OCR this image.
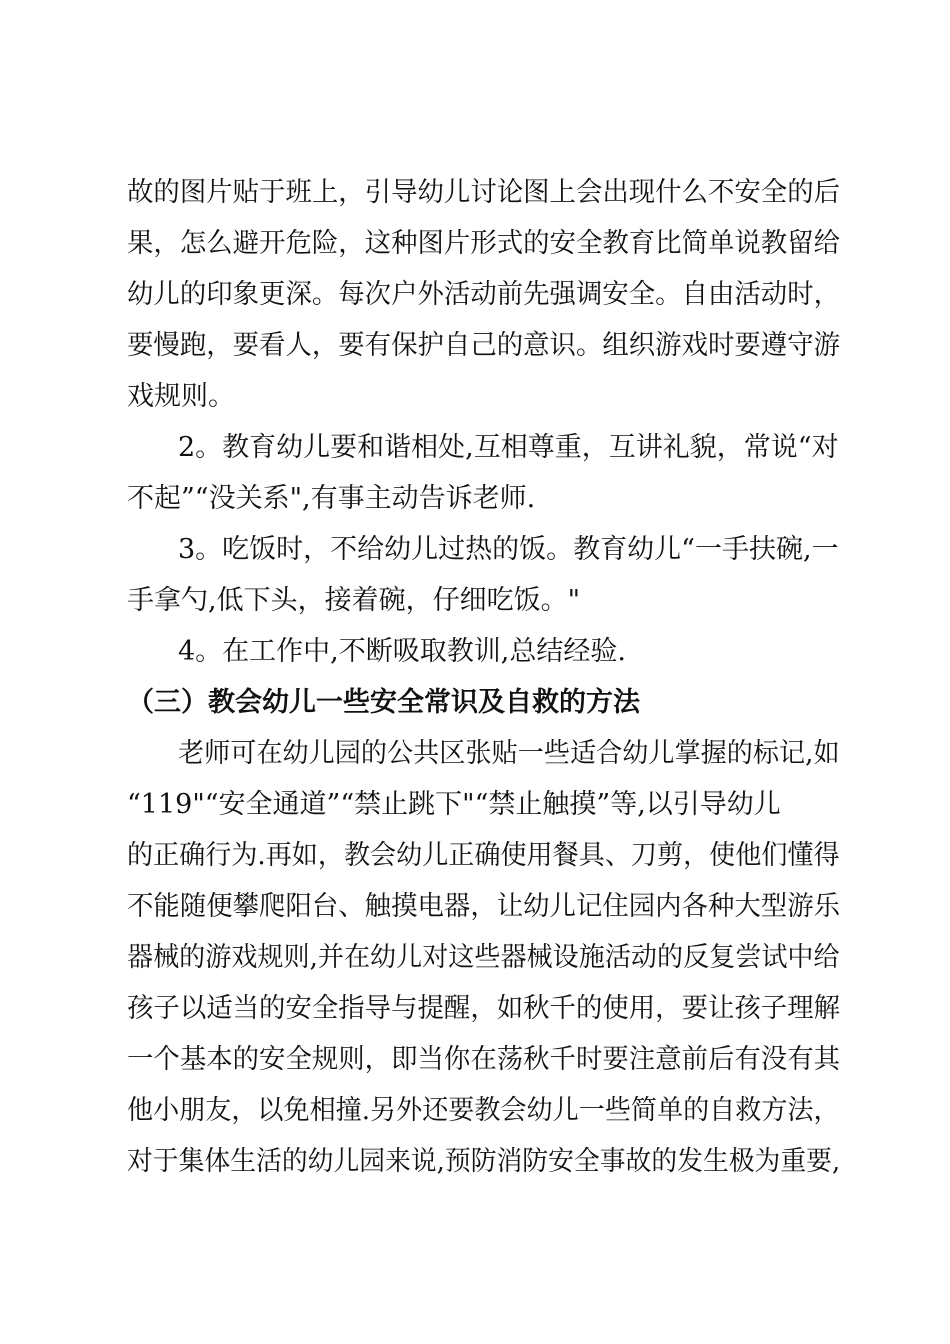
故的图片贴于班上，引导幼儿讨论图上会出现什么不安全的后
果，怎么避开危险，这种图片形式的安全教育比简单说教留给
幼儿的印象更深。每次户外活动前先强调安全。自由活动时，
要慢跑，要看人，要有保护自己的意识。组织游戏时要遵守游
戏规则。
2。教育幼儿要和谐相处,互相尊重，互讲礼貌，常说“对
不起”“没关系",有事主动告诉老师.
3。吃饭时，不给幼儿过热的饭。教育幼儿“一手扶碗,一
手拿勺,低下头，接着碗，仔细吃饭。"
4。在工作中,不断吸取教训,总结经验.
（三）教会幼儿一些安全常识及自救的方法
老师可在幼儿园的公共区张贴一些适合幼儿掌握的标记,如
“119"“安全通道”“禁止跳下"“禁止触摸”等,以引导幼儿
的正确行为.再如，教会幼儿正确使用餐具、刀剪，使他们懂得
不能随便攀爬阳台、触摸电器，让幼儿记住园内各种大型游乐
器械的游戏规则,并在幼儿对这些器械设施活动的反复尝试中给
孩子以适当的安全指导与提醒，如秋千的使用，要让孩子理解
一个基本的安全规则，即当你在荡秋千时要注意前后有没有其
他小朋友，以免相撞.另外还要教会幼儿一些简单的自救方法，
对于集体生活的幼儿园来说,预防消防安全事故的发生极为重要,
